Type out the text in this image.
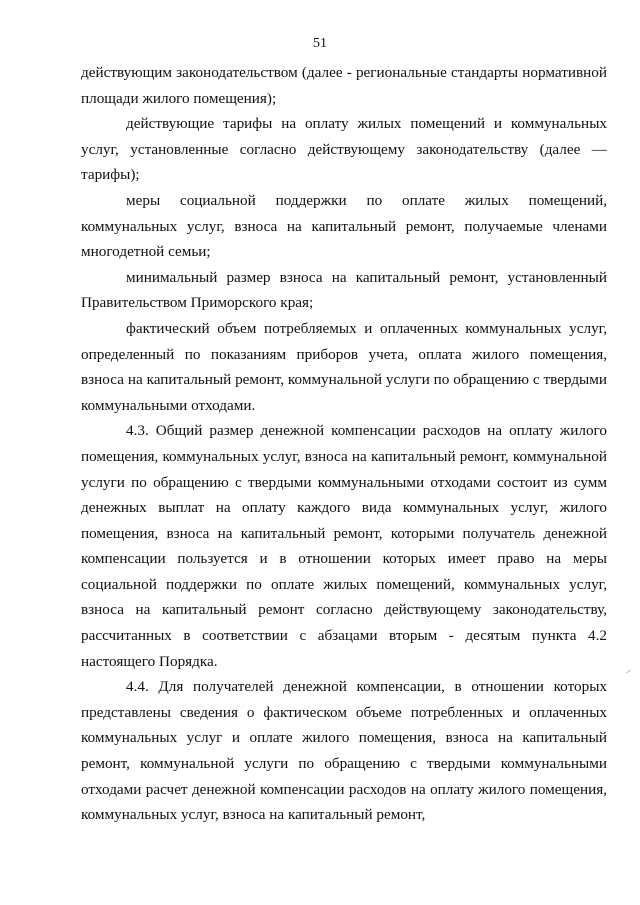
51

действующим законодательством (далее - региональные стандарты нормативной площади жилого помещения);

действующие тарифы на оплату жилых помещений и коммунальных услуг, установленные согласно действующему законодательству (далее — тарифы);

меры социальной поддержки по оплате жилых помещений, коммунальных услуг, взноса на капитальный ремонт, получаемые членами многодетной семьи;

минимальный размер взноса на капитальный ремонт, установленный Правительством Приморского края;

фактический объем потребляемых и оплаченных коммунальных услуг, определенный по показаниям приборов учета, оплата жилого помещения, взноса на капитальный ремонт, коммунальной услуги по обращению с твердыми коммунальными отходами.

4.3. Общий размер денежной компенсации расходов на оплату жилого помещения, коммунальных услуг, взноса на капитальный ремонт, коммунальной услуги по обращению с твердыми коммунальными отходами состоит из сумм денежных выплат на оплату каждого вида коммунальных услуг, жилого помещения, взноса на капитальный ремонт, которыми получатель денежной компенсации пользуется и в отношении которых имеет право на меры социальной поддержки по оплате жилых помещений, коммунальных услуг, взноса на капитальный ремонт согласно действующему законодательству, рассчитанных в соответствии с абзацами вторым - десятым пункта 4.2 настоящего Порядка.

4.4. Для получателей денежной компенсации, в отношении которых представлены сведения о фактическом объеме потребленных и оплаченных коммунальных услуг и оплате жилого помещения, взноса на капитальный ремонт, коммунальной услуги по обращению с твердыми коммунальными отходами расчет денежной компенсации расходов на оплату жилого помещения, коммунальных услуг, взноса на капитальный ремонт,
